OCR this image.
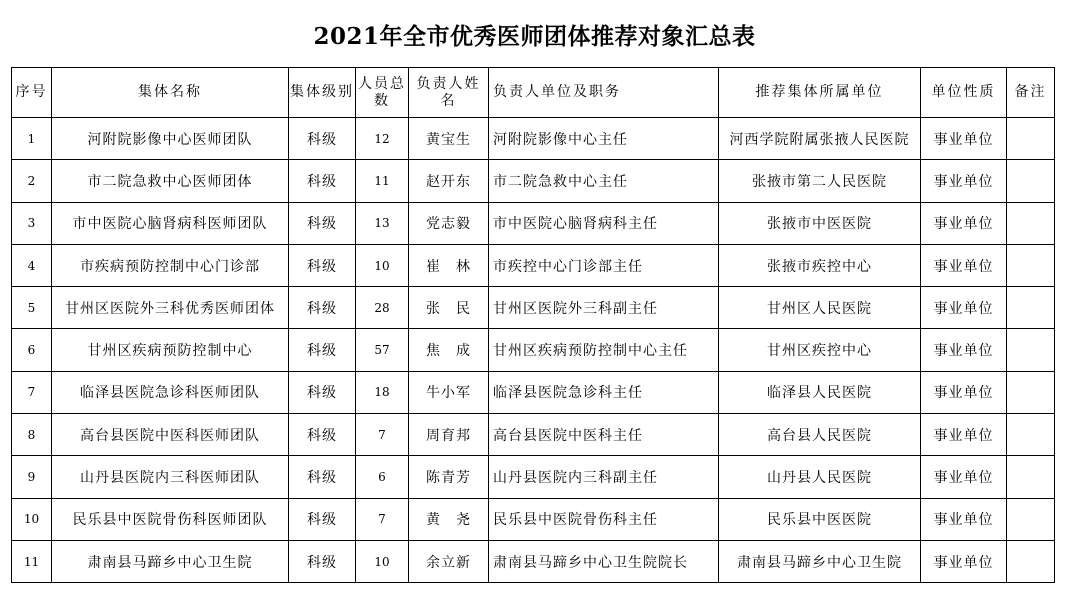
2021年全市优秀医师团体推荐对象汇总表
序号	集体名称	集体级别	人员总数	负责人姓 名	负责人单位及职务	推荐集体所属单位	单位性质	备注
1	河附院影像中心医师团队	科级	12	黄宝生	河附院影像中心主任	河西学院附属张掖人民医院	事业单位	
2	市二院急救中心医师团体	科级	11	赵开东	市二院急救中心主任	张掖市第二人民医院	事业单位	
3	市中医院心脑肾病科医师团队	科级	13	党志毅	市中医院心脑肾病科主任	张掖市中医医院	事业单位	
4	市疾病预防控制中心门诊部	科级	10	崔　林	市疾控中心门诊部主任	张掖市疾控中心	事业单位	
5	甘州区医院外三科优秀医师团体	科级	28	张　民	甘州区医院外三科副主任	甘州区人民医院	事业单位	
6	甘州区疾病预防控制中心	科级	57	焦　成	甘州区疾病预防控制中心主任	甘州区疾控中心	事业单位	
7	临泽县医院急诊科医师团队	科级	18	牛小军	临泽县医院急诊科主任	临泽县人民医院	事业单位	
8	高台县医院中医科医师团队	科级	7	周育邦	高台县医院中医科主任	高台县人民医院	事业单位	
9	山丹县医院内三科医师团队	科级	6	陈青芳	山丹县医院内三科副主任	山丹县人民医院	事业单位	
10	民乐县中医院骨伤科医师团队	科级	7	黄　尧	民乐县中医院骨伤科主任	民乐县中医医院	事业单位	
11	肃南县马蹄乡中心卫生院	科级	10	余立新	肃南县马蹄乡中心卫生院院长	肃南县马蹄乡中心卫生院	事业单位	
